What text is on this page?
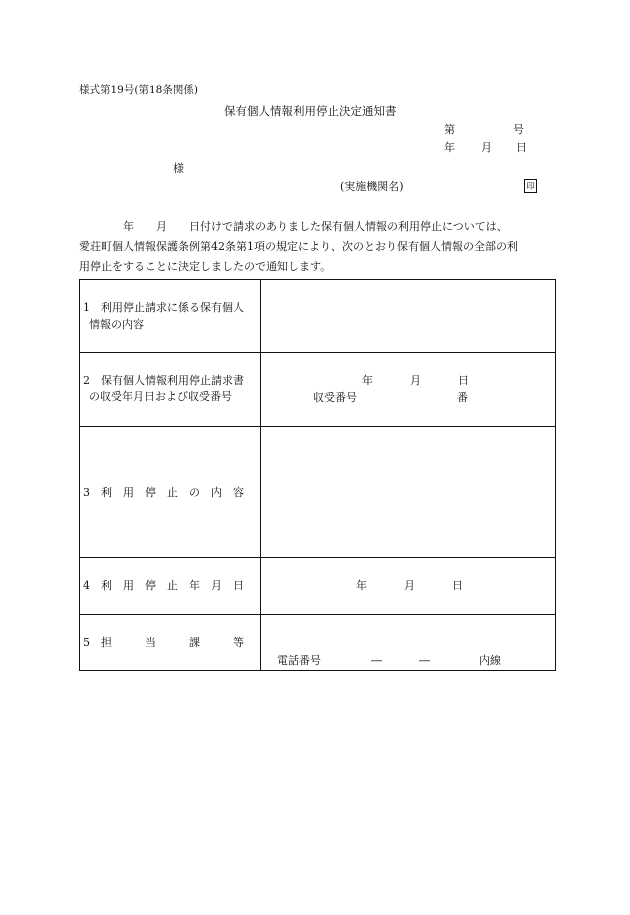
様式第19号(第18条関係)
保有個人情報利用停止決定通知書
第	号
年 月 日
様
(実施機関名)	印
　　　　年　　月　　日付けで請求のありました保有個人情報の利用停止については、
愛荘町個人情報保護条例第42条第1項の規定により、次のとおり保有個人情報の全部の利
用停止をすることに決定しましたので通知します。
1　利用停止請求に係る保有個人
情報の内容
2　保有個人情報利用停止請求書
の収受年月日および収受番号
年	月	日
収受番号	番
3　利　用　停　止　の　内　容
4　利　用　停　止　年　月　日	年	月	日
5　担　　　当　　　課　　　等
電話番号	―	―	内線
